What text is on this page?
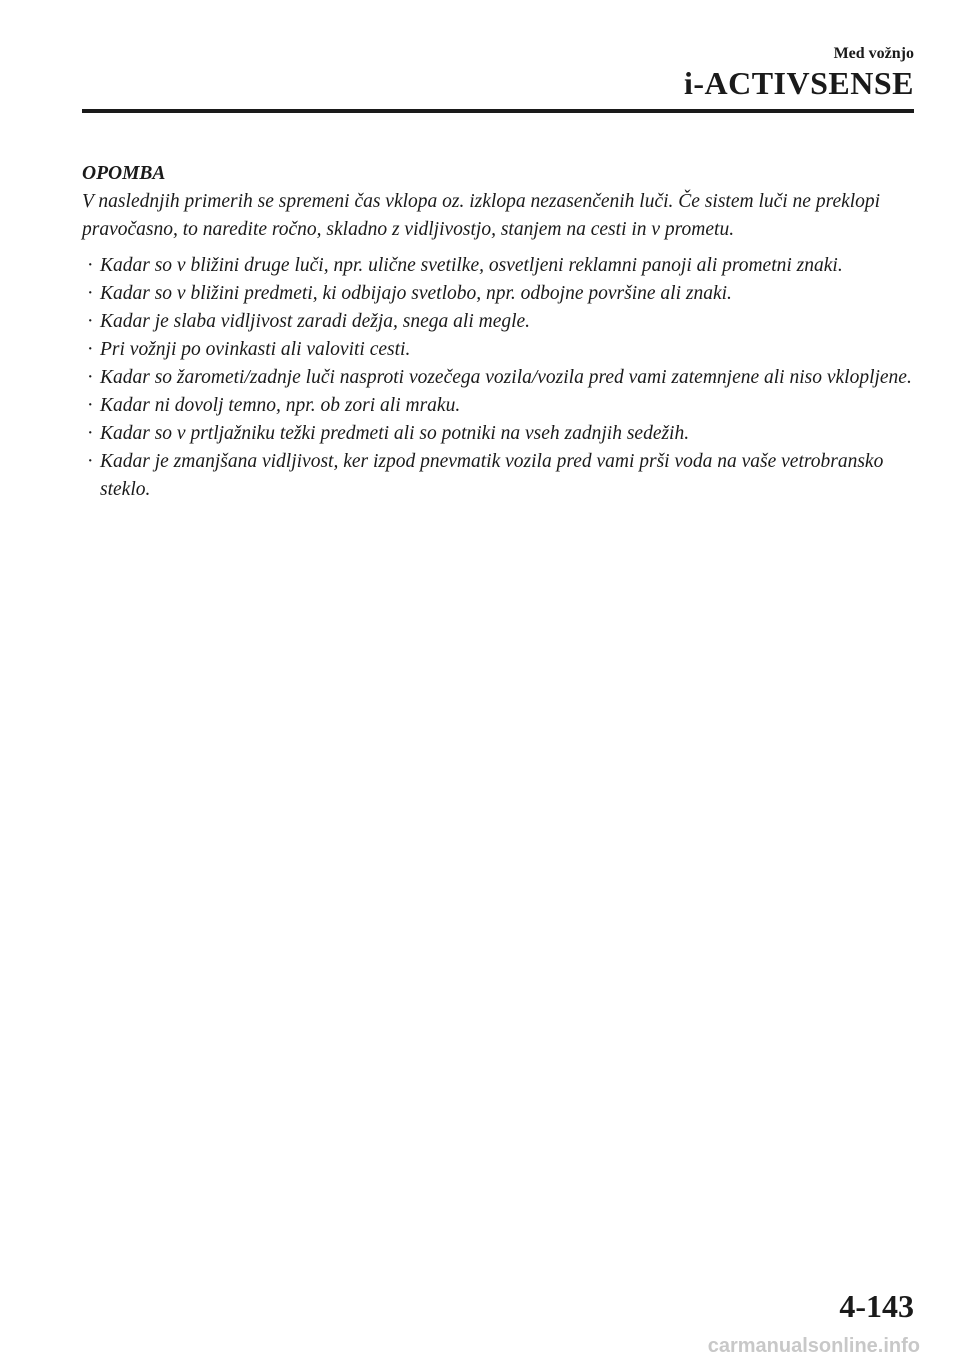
Med vožnjo
i-ACTIVSENSE

OPOMBA

V naslednjih primerih se spremeni čas vklopa oz. izklopa nezasenčenih luči. Če sistem luči ne preklopi pravočasno, to naredite ročno, skladno z vidljivostjo, stanjem na cesti in v prometu.

· Kadar so v bližini druge luči, npr. ulične svetilke, osvetljeni reklamni panoji ali prometni znaki.
· Kadar so v bližini predmeti, ki odbijajo svetlobo, npr. odbojne površine ali znaki.
· Kadar je slaba vidljivost zaradi dežja, snega ali megle.
· Pri vožnji po ovinkasti ali valoviti cesti.
· Kadar so žarometi/zadnje luči nasproti vozečega vozila/vozila pred vami zatemnjene ali niso vklopljene.
· Kadar ni dovolj temno, npr. ob zori ali mraku.
· Kadar so v prtljažniku težki predmeti ali so potniki na vseh zadnjih sedežih.
· Kadar je zmanjšana vidljivost, ker izpod pnevmatik vozila pred vami prši voda na vaše vetrobransko steklo.
4-143
carmanualsonline.info
